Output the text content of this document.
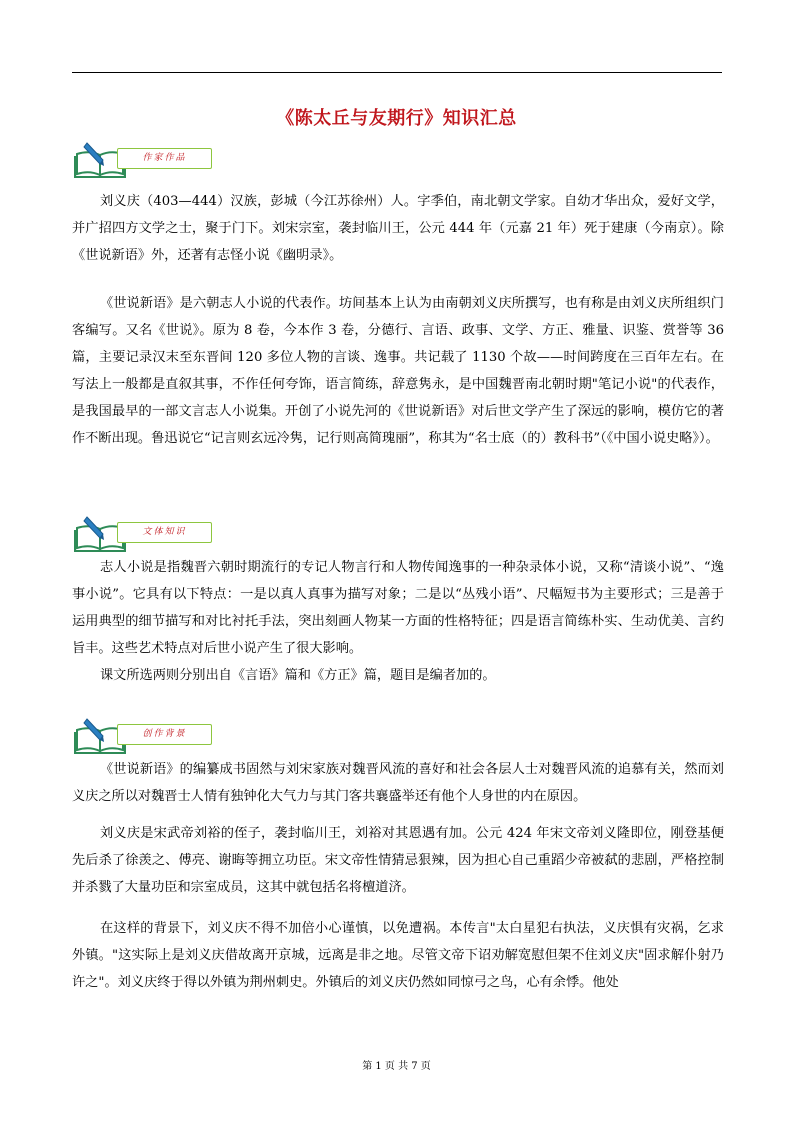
《陈太丘与友期行》知识汇总
作家作品

刘义庆（403—444）汉族，彭城（今江苏徐州）人。字季伯，南北朝文学家。自幼才华出众，爱好文学，并广招四方文学之士，聚于门下。刘宋宗室，袭封临川王，公元 444 年（元嘉 21 年）死于建康（今南京）。除《世说新语》外，还著有志怪小说《幽明录》。

《世说新语》是六朝志人小说的代表作。坊间基本上认为由南朝刘义庆所撰写，也有称是由刘义庆所组织门客编写。又名《世说》。原为 8 卷，今本作 3 卷，分德行、言语、政事、文学、方正、雅量、识鉴、赏誉等 36 篇，主要记录汉末至东晋间 120 多位人物的言谈、逸事。共记载了 1130 个故——时间跨度在三百年左右。在写法上一般都是直叙其事，不作任何夸饰，语言简练，辞意隽永，是中国魏晋南北朝时期"笔记小说"的代表作，是我国最早的一部文言志人小说集。开创了小说先河的《世说新语》对后世文学产生了深远的影响，模仿它的著作不断出现。鲁迅说它“记言则玄远冷隽，记行则高简瑰丽”，称其为“名士底（的）教科书”（《中国小说史略》）。

文体知识

志人小说是指魏晋六朝时期流行的专记人物言行和人物传闻逸事的一种杂录体小说，又称“清谈小说”、“逸事小说”。它具有以下特点：一是以真人真事为描写对象；二是以“丛残小语”、尺幅短书为主要形式；三是善于运用典型的细节描写和对比衬托手法，突出刻画人物某一方面的性格特征；四是语言简练朴实、生动优美、言约旨丰。这些艺术特点对后世小说产生了很大影响。

课文所选两则分别出自《言语》篇和《方正》篇，题目是编者加的。

创作背景

《世说新语》的编纂成书固然与刘宋家族对魏晋风流的喜好和社会各层人士对魏晋风流的追慕有关，然而刘义庆之所以对魏晋士人情有独钟化大气力与其门客共襄盛举还有他个人身世的内在原因。

刘义庆是宋武帝刘裕的侄子，袭封临川王，刘裕对其恩遇有加。公元 424 年宋文帝刘义隆即位，刚登基便先后杀了徐羡之、傅亮、谢晦等拥立功臣。宋文帝性情猜忌狠辣，因为担心自己重蹈少帝被弑的悲剧，严格控制并杀戮了大量功臣和宗室成员，这其中就包括名将檀道济。

在这样的背景下，刘义庆不得不加倍小心谨慎，以免遭祸。本传言"太白星犯右执法，义庆惧有灾祸，乞求外镇。"这实际上是刘义庆借故离开京城，远离是非之地。尽管文帝下诏劝解宽慰但架不住刘义庆"固求解仆射乃许之"。刘义庆终于得以外镇为荆州刺史。外镇后的刘义庆仍然如同惊弓之鸟，心有余悸。他处

第 1 页 共 7 页
